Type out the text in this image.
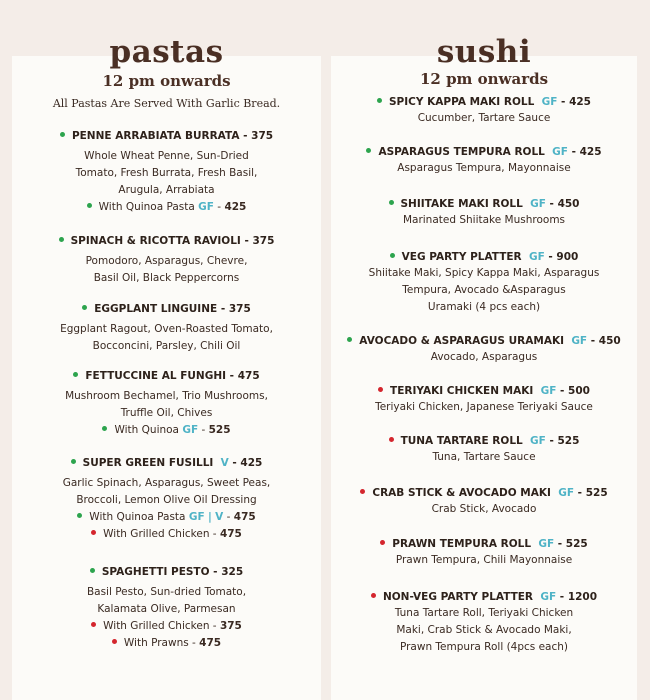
pastas	sushi
12 pm onwards
All Pastas Are Served With Garlic Bread.
PENNE ARRABIATA BURRATA - 375
Whole Wheat Penne, Sun-Dried
Tomato, Fresh Burrata, Fresh Basil,
Arugula, Arrabiata
With Quinoa Pasta GF - 425
SPINACH & RICOTTA RAVIOLI - 375
Pomodoro, Asparagus, Chevre,
Basil Oil, Black Peppercorns
EGGPLANT LINGUINE - 375
Eggplant Ragout, Oven-Roasted Tomato,
Bocconcini, Parsley, Chili Oil
FETTUCCINE AL FUNGHI - 475
Mushroom Bechamel, Trio Mushrooms,
Truffle Oil, Chives
With Quinoa GF - 525
SUPER GREEN FUSILLI V - 425
Garlic Spinach, Asparagus, Sweet Peas,
Broccoli, Lemon Olive Oil Dressing
With Quinoa Pasta GF | V - 475
With Grilled Chicken - 475
SPAGHETTI PESTO - 325
Basil Pesto, Sun-dried Tomato,
Kalamata Olive, Parmesan
With Grilled Chicken - 375
With Prawns - 475
12 pm onwards
SPICY KAPPA MAKI ROLL GF - 425
Cucumber, Tartare Sauce
ASPARAGUS TEMPURA ROLL GF - 425
Asparagus Tempura, Mayonnaise
SHIITAKE MAKI ROLL GF - 450
Marinated Shiitake Mushrooms
VEG PARTY PLATTER GF - 900
Shiitake Maki, Spicy Kappa Maki, Asparagus
Tempura, Avocado &Asparagus
Uramaki (4 pcs each)
AVOCADO & ASPARAGUS URAMAKI GF - 450
Avocado, Asparagus
TERIYAKI CHICKEN MAKI GF - 500
Teriyaki Chicken, Japanese Teriyaki Sauce
TUNA TARTARE ROLL GF - 525
Tuna, Tartare Sauce
CRAB STICK & AVOCADO MAKI GF - 525
Crab Stick, Avocado
PRAWN TEMPURA ROLL GF - 525
Prawn Tempura, Chili Mayonnaise
NON-VEG PARTY PLATTER GF - 1200
Tuna Tartare Roll, Teriyaki Chicken
Maki, Crab Stick & Avocado Maki,
Prawn Tempura Roll (4pcs each)
